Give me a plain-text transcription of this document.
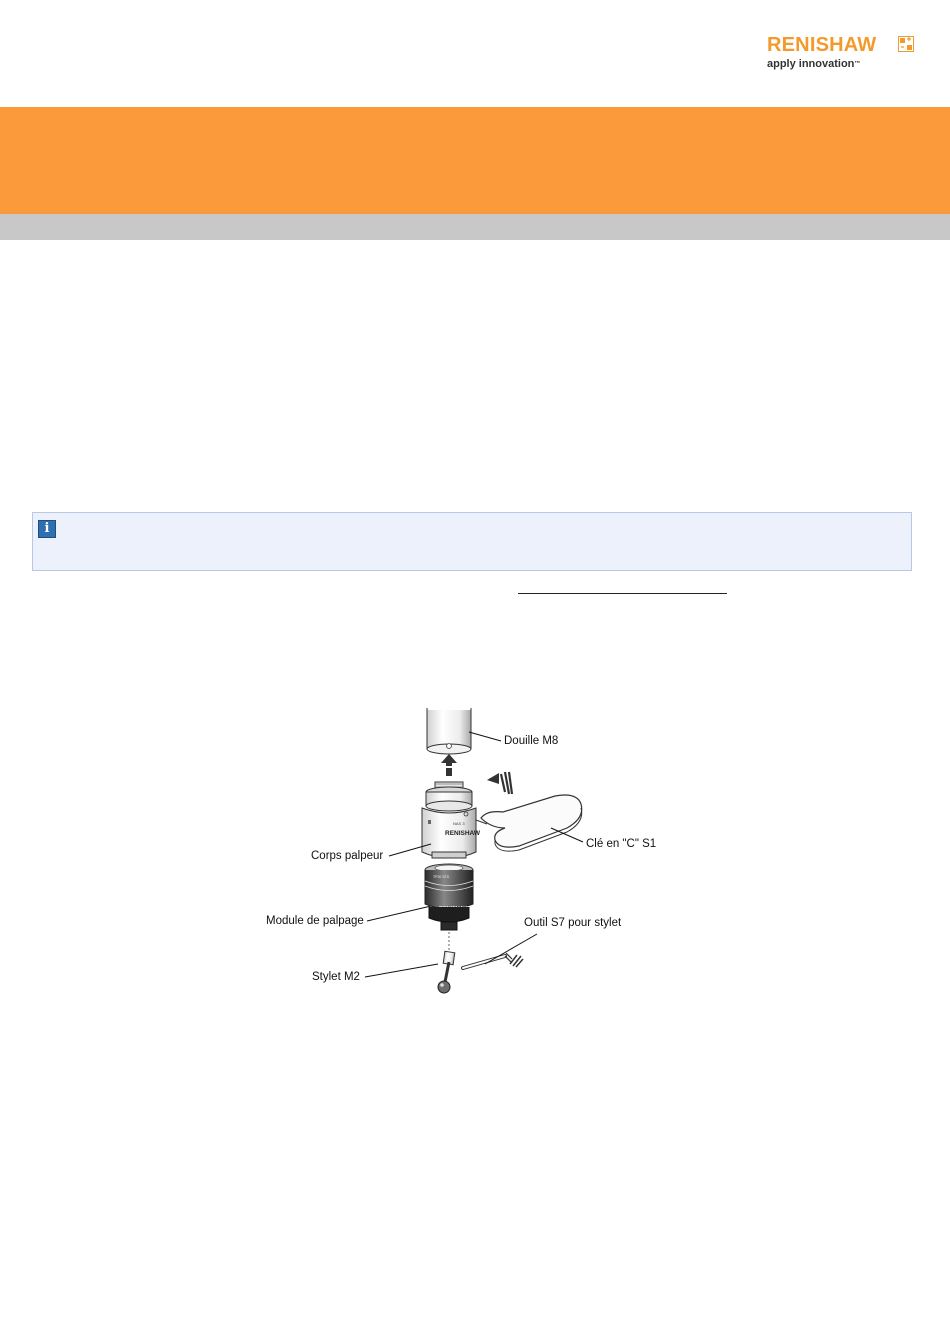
RENISHAW
apply innovation™
i
RENISHAW
NAS 3
TP20 STD
Douille M8
Clé en "C" S1
Corps palpeur
Module de palpage	Outil S7 pour stylet
Stylet M2
